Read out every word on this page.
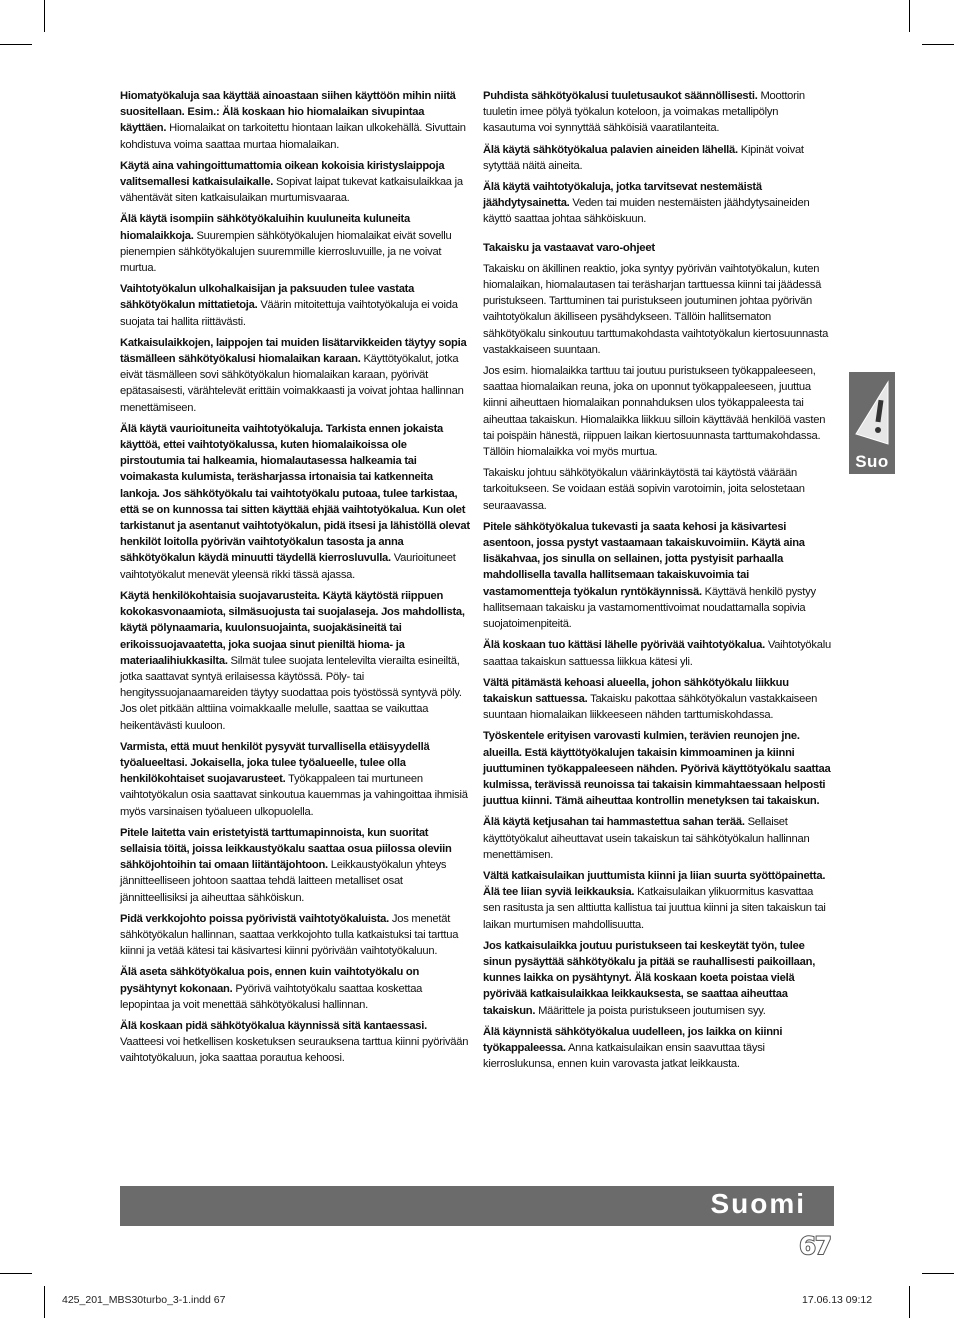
Hiomatyökaluja saa käyttää ainoastaan siihen käyttöön mihin niitä suositellaan. Esim.: Älä koskaan hio hiomalaikan sivupintaa käyttäen. Hiomalaikat on tarkoitettu hiontaan laikan ulkokehällä. Sivuttain kohdistuva voima saattaa murtaa hiomalaikan.

Käytä aina vahingoittumattomia oikean kokoisia kiristyslaippoja valitsemallesi katkaisulaikalle. Sopivat laipat tukevat katkaisulaikkaa ja vähentävät siten katkaisulaikan murtumisvaaraa.

Älä käytä isompiin sähkötyökaluihin kuuluneita kuluneita hiomalaikkoja. Suurempien sähkötyökalujen hiomalaikat eivät sovellu pienempien sähkötyökalujen suuremmille kierrosluvuille, ja ne voivat murtua.

Vaihtotyökalun ulkohalkaisijan ja paksuuden tulee vastata sähkötyökalun mittatietoja. Väärin mitoitettuja vaihtotyökaluja ei voida suojata tai hallita riittävästi.

Katkaisulaikkojen, laippojen tai muiden lisätarvikkeiden täytyy sopia täsmälleen sähkötyökalusi hiomalaikan karaan. Käyttötyökalut, jotka eivät täsmälleen sovi sähkötyökalun hiomalaikan karaan, pyörivät epätasaisesti, värähtelevät erittäin voimakkaasti ja voivat johtaa hallinnan menettämiseen.

Älä käytä vaurioituneita vaihtotyökaluja. Tarkista ennen jokaista käyttöä, ettei vaihtotyökalussa, kuten hiomalaikoissa ole pirstoutumia tai halkeamia, hiomalautasessa halkeamia tai voimakasta kulumista, teräsharjassa irtonaisia tai katkenneita lankoja. Jos sähkötyökalu tai vaihtotyökalu putoaa, tulee tarkistaa, että se on kunnossa tai sitten käyttää ehjää vaihtotyökalua. Kun olet tarkistanut ja asentanut vaihtotyökalun, pidä itsesi ja lähistöllä olevat henkilöt loitolla pyörivän vaihtotyökalun tasosta ja anna sähkötyökalun käydä minuutti täydellä kierrosluvulla. Vaurioituneet vaihtotyökalut menevät yleensä rikki tässä ajassa.

Käytä henkilökohtaisia suojavarusteita. Käytä käytöstä riippuen kokokasvonaamiota, silmäsuojusta tai suojalaseja. Jos mahdollista, käytä pölynaamaria, kuulonsuojainta, suojakäsineitä tai erikoissuojavaatetta, joka suojaa sinut pieniltä hioma- ja materiaalihiukkasilta. Silmät tulee suojata lentelevilta vierailta esineiltä, jotka saattavat syntyä erilaisessa käytössä. Pöly- tai hengityssuojanaamareiden täytyy suodattaa pois työstössä syntyvä pöly. Jos olet pitkään alttiina voimakkaalle melulle, saattaa se vaikuttaa heikentävästi kuuloon.

Varmista, että muut henkilöt pysyvät turvallisella etäisyydellä työalueeltasi. Jokaisella, joka tulee työalueelle, tulee olla henkilökohtaiset suojavarusteet. Työkappaleen tai murtuneen vaihtotyökalun osia saattavat sinkoutua kauemmas ja vahingoittaa ihmisiä myös varsinaisen työalueen ulkopuolella.

Pitele laitetta vain eristetyistä tarttumapinnoista, kun suoritat sellaisia töitä, joissa leikkaustyökalu saattaa osua piilossa oleviin sähköjohtoihin tai omaan liitäntäjohtoon. Leikkaustyökalun yhteys jännitteelliseen johtoon saattaa tehdä laitteen metalliset osat jännitteellisiksi ja aiheuttaa sähköiskun.

Pidä verkkojohto poissa pyörivistä vaihtotyökaluista. Jos menetät sähkötyökalun hallinnan, saattaa verkkojohto tulla katkaistuksi tai tarttua kiinni ja vetää kätesi tai käsivartesi kiinni pyörivään vaihtotyökaluun.

Älä aseta sähkötyökalua pois, ennen kuin vaihtotyökalu on pysähtynyt kokonaan. Pyörivä vaihtotyökalu saattaa koskettaa lepopintaa ja voit menettää sähkötyökalusi hallinnan.

Älä koskaan pidä sähkötyökalua käynnissä sitä kantaessasi. Vaatteesi voi hetkellisen kosketuksen seurauksena tarttua kiinni pyörivään vaihtotyökaluun, joka saattaa porautua kehoosi.

Puhdista sähkötyökalusi tuuletusaukot säännöllisesti. Moottorin tuuletin imee pölyä työkalun koteloon, ja voimakas metallipölyn kasautuma voi synnyttää sähköisiä vaaratilanteita.

Älä käytä sähkötyökalua palavien aineiden lähellä. Kipinät voivat sytyttää näitä aineita.

Älä käytä vaihtotyökaluja, jotka tarvitsevat nestemäistä jäähdytysainetta. Veden tai muiden nestemäisten jäähdytysaineiden käyttö saattaa johtaa sähköiskuun.

Takaisku ja vastaavat varo-ohjeet

Takaisku on äkillinen reaktio, joka syntyy pyörivän vaihtotyökalun, kuten hiomalaikan, hiomalautasen tai teräsharjan tarttuessa kiinni tai jäädessä puristukseen. Tarttuminen tai puristukseen joutuminen johtaa pyörivän vaihtotyökalun äkilliseen pysähdykseen. Tällöin hallitsematon sähkötyökalu sinkoutuu tarttumakohdasta vaihtotyökalun kiertosuunnasta vastakkaiseen suuntaan.

Jos esim. hiomalaikka tarttuu tai joutuu puristukseen työkappaleeseen, saattaa hiomalaikan reuna, joka on uponnut työkappaleeseen, juuttua kiinni aiheuttaen hiomalaikan ponnahduksen ulos työkappaleesta tai aiheuttaa takaiskun. Hiomalaikka liikkuu silloin käyttävää henkilöä vasten tai poispäin hänestä, riippuen laikan kiertosuunnasta tarttumakohdassa. Tällöin hiomalaikka voi myös murtua.

Takaisku johtuu sähkötyökalun väärinkäytöstä tai käytöstä väärään tarkoitukseen. Se voidaan estää sopivin varotoimin, joita selostetaan seuraavassa.

Pitele sähkötyökalua tukevasti ja saata kehosi ja käsivartesi asentoon, jossa pystyt vastaamaan takaiskuvoimiin. Käytä aina lisäkahvaa, jos sinulla on sellainen, jotta pystyisit parhaalla mahdollisella tavalla hallitsemaan takaiskuvoimia tai vastamomentteja työkalun ryntökäynnissä. Käyttävä henkilö pystyy hallitsemaan takaisku ja vastamomenttivoimat noudattamalla sopivia suojatoimenpiteitä.

Älä koskaan tuo kättäsi lähelle pyörivää vaihtotyökalua. Vaihtotyökalu saattaa takaiskun sattuessa liikkua kätesi yli.

Vältä pitämästä kehoasi alueella, johon sähkötyökalu liikkuu takaiskun sattuessa. Takaisku pakottaa sähkötyökalun vastakkaiseen suuntaan hiomalaikan liikkeeseen nähden tarttumiskohdassa.

Työskentele erityisen varovasti kulmien, terävien reunojen jne. alueilla. Estä käyttötyökalujen takaisin kimmoaminen ja kiinni juuttuminen työkappaleeseen nähden. Pyörivä käyttötyökalu saattaa kulmissa, terävissä reunoissa tai takaisin kimmahtaessaan helposti juuttua kiinni. Tämä aiheuttaa kontrollin menetyksen tai takaiskun.

Älä käytä ketjusahan tai hammastettua sahan terää. Sellaiset käyttötyökalut aiheuttavat usein takaiskun tai sähkötyökalun hallinnan menettämisen.

Vältä katkaisulaikan juuttumista kiinni ja liian suurta syöttöpainetta. Älä tee liian syviä leikkauksia. Katkaisulaikan ylikuormitus kasvattaa sen rasitusta ja sen alttiutta kallistua tai juuttua kiinni ja siten takaiskun tai laikan murtumisen mahdollisuutta.

Jos katkaisulaikka joutuu puristukseen tai keskeytät työn, tulee sinun pysäyttää sähkötyökalu ja pitää se rauhallisesti paikoillaan, kunnes laikka on pysähtynyt. Älä koskaan koeta poistaa vielä pyörivää katkaisulaikkaa leikkauksesta, se saattaa aiheuttaa takaiskun. Määrittele ja poista puristukseen joutumisen syy.

Älä käynnistä sähkötyökalua uudelleen, jos laikka on kiinni työkappaleessa. Anna katkaisulaikan ensin saavuttaa täysi kierroslukunsa, ennen kuin varovasta jatkat leikkausta.

Suo
Suomi
67
425_201_MBS30turbo_3-1.indd 67	17.06.13 09:12
